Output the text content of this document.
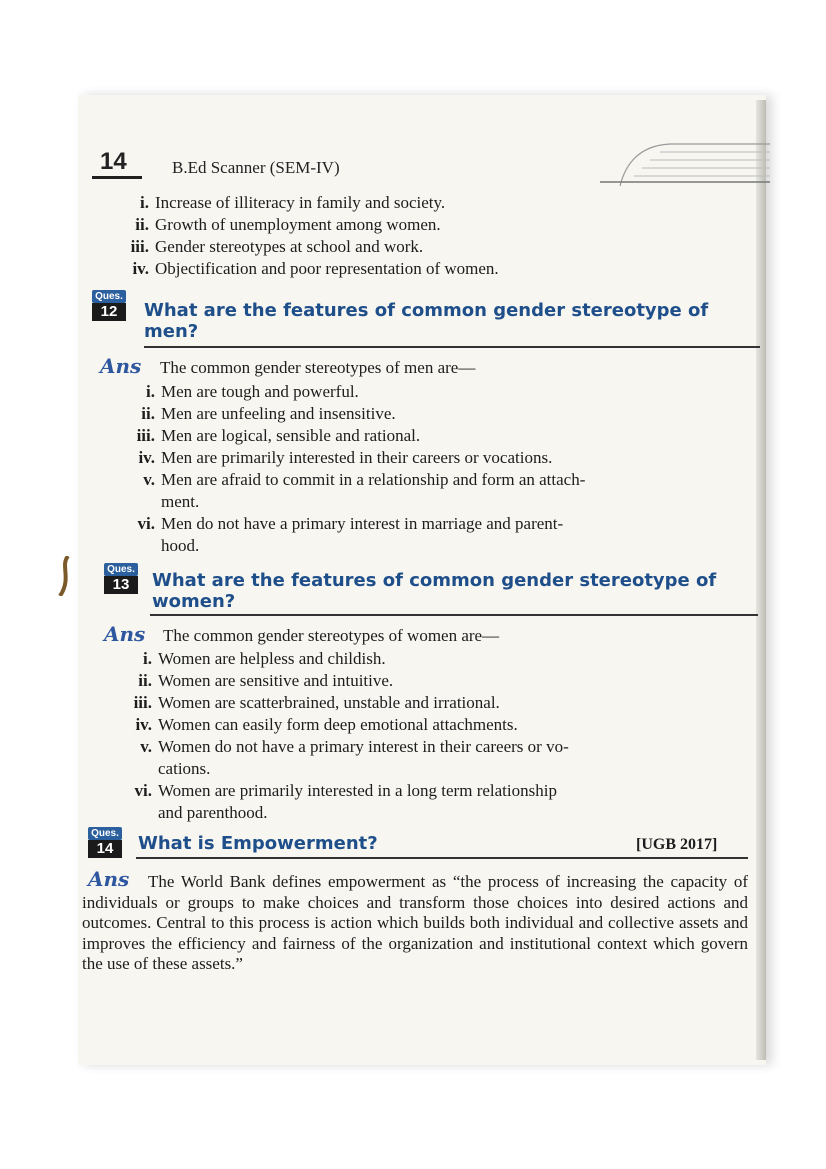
14	B.Ed Scanner (SEM-IV)
i. Increase of illiteracy in family and society.
ii. Growth of unemployment among women.
iii. Gender stereotypes at school and work.
iv. Objectification and poor representation of women.
Ques.
12	What are the features of common gender stereotype of
men?
Ans The common gender stereotypes of men are—
i. Men are tough and powerful.
ii. Men are unfeeling and insensitive.
iii. Men are logical, sensible and rational.
iv. Men are primarily interested in their careers or vocations.
v. Men are afraid to commit in a relationship and form an attach-
ment.
vi. Men do not have a primary interest in marriage and parent-
hood.
Ques.
13	What are the features of common gender stereotype of
women?
Ans The common gender stereotypes of women are—
i. Women are helpless and childish.
ii. Women are sensitive and intuitive.
iii. Women are scatterbrained, unstable and irrational.
iv. Women can easily form deep emotional attachments.
v. Women do not have a primary interest in their careers or vo-
cations.
vi. Women are primarily interested in a long term relationship
and parenthood.
Ques.
14	What is Empowerment?	[UGB 2017]
Ans	The World Bank defines empowerment as “the process of increasing the capacity of individuals or groups to make choices and transform those choices into desired actions and outcomes. Central to this process is action which builds both individual and collective assets and improves the efficiency and fairness of the organization and institutional context which govern the use of these assets.”
